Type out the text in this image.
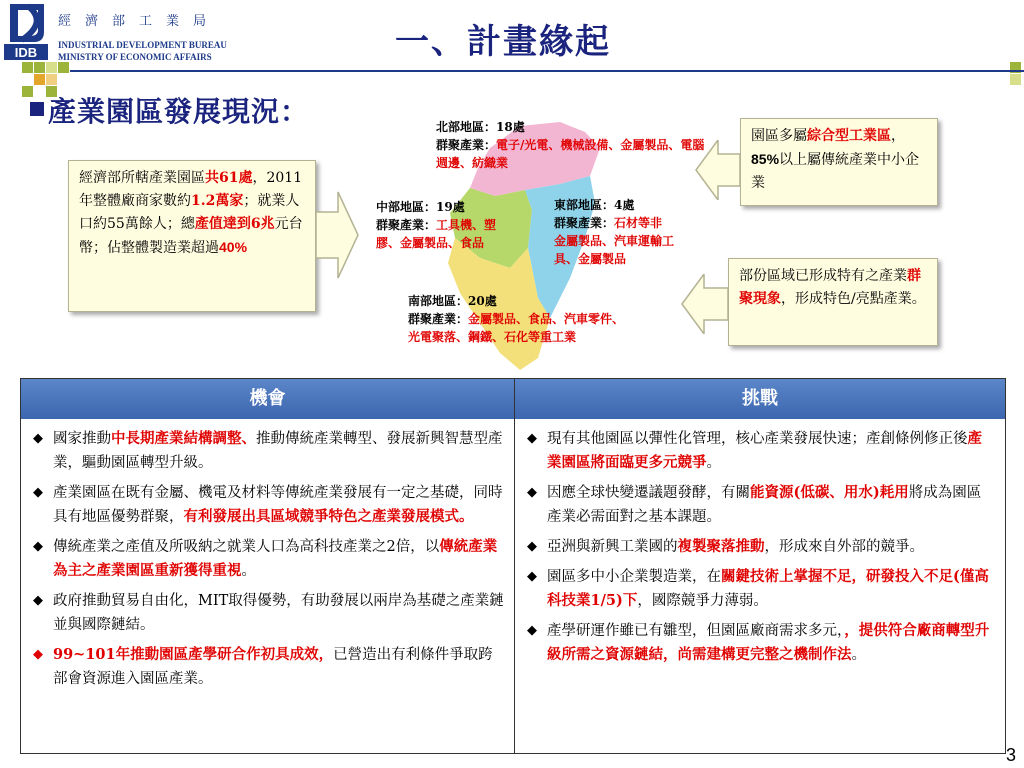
IDB
經濟部工業局
INDUSTRIAL DEVELOPMENT BUREAU
MINISTRY OF ECONOMIC AFFAIRS	一、計畫緣起
產業園區發展現況：
經濟部所轄產業園區共61處，2011年整體廠商家數約1.2萬家；就業人口約55萬餘人；總產值達到6兆元台幣；佔整體製造業超過40%
北部地區：18處
群聚產業：電子/光電、機械設備、金屬製品、電腦週邊、紡織業
中部地區：19處
群聚產業：工具機、塑膠、金屬製品、食品
東部地區：4處
群聚產業：石材等非金屬製品、汽車運輸工具、金屬製品
南部地區：20處
群聚產業：金屬製品、食品、汽車零件、光電聚落、鋼鐵、石化等重工業
園區多屬綜合型工業區，85%以上屬傳統產業中小企業
部份區域已形成特有之產業群聚現象，形成特色/亮點產業。
機會	挑戰
◆ 國家推動中長期產業結構調整、推動傳統產業轉型、發展新興智慧型產業，驅動園區轉型升級。
◆ 產業園區在既有金屬、機電及材料等傳統產業發展有一定之基礎，同時具有地區優勢群聚，有利發展出具區域競爭特色之產業發展模式。
◆ 傳統產業之產值及所吸納之就業人口為高科技產業之2倍，以傳統產業為主之產業園區重新獲得重視。
◆ 政府推動貿易自由化，MIT取得優勢，有助發展以兩岸為基礎之產業鏈並與國際鏈結。
◆ 99~101年推動園區產學研合作初具成效，已營造出有利條件爭取跨部會資源進入園區產業。
◆ 現有其他園區以彈性化管理，核心產業發展快速；產創條例修正後產業園區將面臨更多元競爭。
◆ 因應全球快變遷議題發酵，有關能資源(低碳、用水)耗用將成為園區產業必需面對之基本課題。
◆ 亞洲與新興工業國的複製聚落推動，形成來自外部的競爭。
◆ 園區多中小企業製造業，在關鍵技術上掌握不足，研發投入不足(僅高科技業1/5)下，國際競爭力薄弱。
◆ 產學研運作雖已有雛型，但園區廠商需求多元，，提供符合廠商轉型升級所需之資源鏈結，尚需建構更完整之機制作法。
3
